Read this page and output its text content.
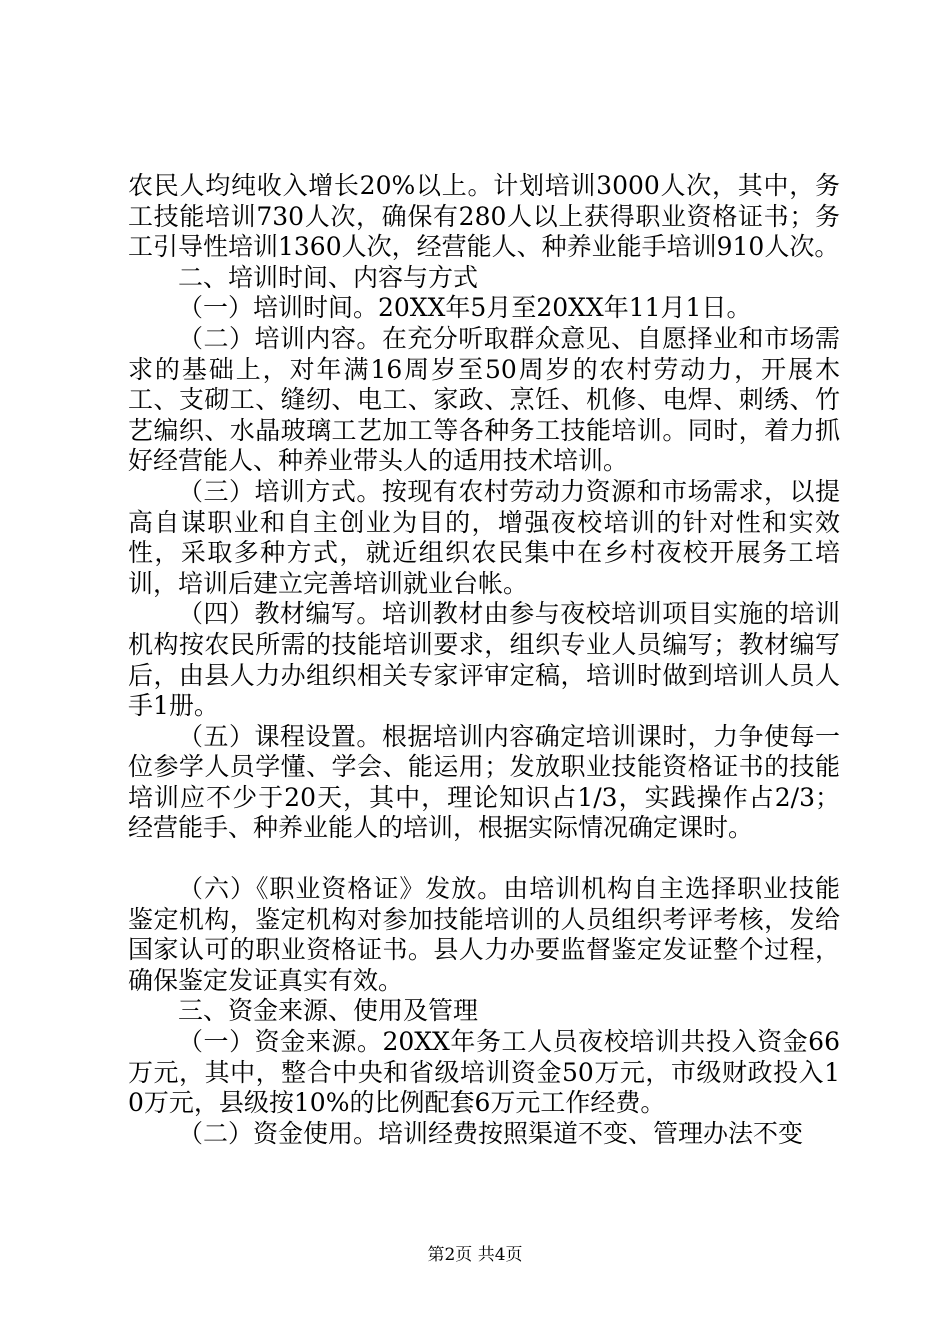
农民人均纯收入增长20%以上。计划培训3000人次，其中，务工技能培训730人次，确保有280人以上获得职业资格证书；务工引导性培训1360人次，经营能人、种养业能手培训910人次。

二、培训时间、内容与方式

（一）培训时间。20XX年5月至20XX年11月1日。

（二）培训内容。在充分听取群众意见、自愿择业和市场需求的基础上，对年满16周岁至50周岁的农村劳动力，开展木工、支砌工、缝纫、电工、家政、烹饪、机修、电焊、刺绣、竹艺编织、水晶玻璃工艺加工等各种务工技能培训。同时，着力抓好经营能人、种养业带头人的适用技术培训。

（三）培训方式。按现有农村劳动力资源和市场需求，以提高自谋职业和自主创业为目的，增强夜校培训的针对性和实效性，采取多种方式，就近组织农民集中在乡村夜校开展务工培训，培训后建立完善培训就业台帐。

（四）教材编写。培训教材由参与夜校培训项目实施的培训机构按农民所需的技能培训要求，组织专业人员编写；教材编写后，由县人力办组织相关专家评审定稿，培训时做到培训人员人手1册。

（五）课程设置。根据培训内容确定培训课时，力争使每一位参学人员学懂、学会、能运用；发放职业技能资格证书的技能培训应不少于20天，其中，理论知识占1/3，实践操作占2/3；经营能手、种养业能人的培训，根据实际情况确定课时。

（六）《职业资格证》发放。由培训机构自主选择职业技能鉴定机构，鉴定机构对参加技能培训的人员组织考评考核，发给国家认可的职业资格证书。县人力办要监督鉴定发证整个过程，确保鉴定发证真实有效。

三、资金来源、使用及管理

（一）资金来源。20XX年务工人员夜校培训共投入资金66万元，其中，整合中央和省级培训资金50万元，市级财政投入10万元，县级按10%的比例配套6万元工作经费。

（二）资金使用。培训经费按照渠道不变、管理办法不变

第2页 共4页
